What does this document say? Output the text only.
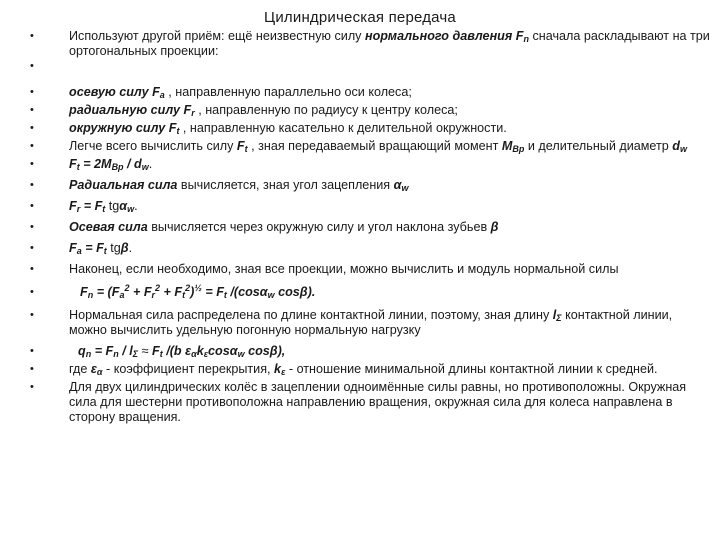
Цилиндрическая передача
• Используют другой приём: ещё неизвестную силу нормального давления $F_n$ сначала раскладывают на три ортогональных проекции:
•
• осевую силу $F_a$ , направленную параллельно оси колеса;
• радиальную силу $F_r$ , направленную по радиусу к центру колеса;
• окружную силу $F_t$ , направленную касательно к делительной окружности.
• Легче всего вычислить силу $F_t$ , зная передаваемый вращающий момент $M_{Bp}$ и делительный диаметр $d_w$
• $F_t = 2M_{Bp} / d_w$.
• Радиальная сила вычисляется, зная угол зацепления $\alpha_w$
• $F_r = F_t$ tgα$_w$.
• Осевая сила вычисляется через окружную силу и угол наклона зубьев β
• $F_a = F_t$ tgβ.
• Наконец, если необходимо, зная все проекции, можно вычислить и модуль нормальной силы
• $F_n = (F_a^2 + F_r^2 + F_t^2)^{\frac{1}{2}} = F_t$ /(cosα$_w$ cosβ).
• Нормальная сила распределена по длине контактной линии, поэтому, зная длину $l_\Sigma$ контактной линии, можно вычислить удельную погонную нормальную нагрузку
• $q_n = F_n / l_\Sigma \approx F_t$ /(b $\varepsilon_\alpha k_\varepsilon\cos\alpha_w$ cosβ),
• где $\varepsilon_\alpha$ - коэффициент перекрытия, $k_\varepsilon$ - отношение минимальной длины контактной линии к средней.
• Для двух цилиндрических колёс в зацеплении одноимённые силы равны, но противоположны. Окружная сила для шестерни противоположна направлению вращения, окружная сила для колеса направлена в сторону вращения.
